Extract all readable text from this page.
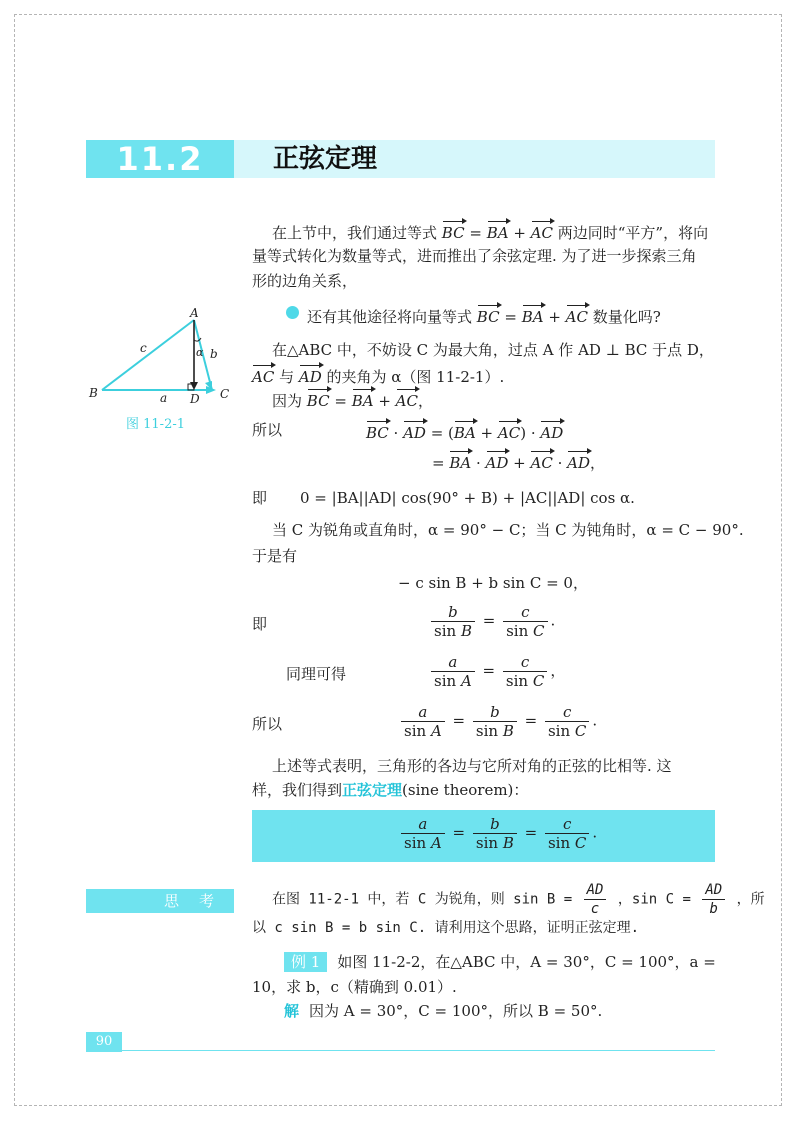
11.2	正弦定理
在上节中，我们通过等式 BC = BA + AC 两边同时“平方”，将向
量等式转化为数量等式，进而推出了余弦定理. 为了进一步探索三角
形的边角关系，
还有其他途径将向量等式 BC = BA + AC 数量化吗?
A
B	C
D
a
b
c	α
图 11-2-1
在△ABC 中，不妨设 C 为最大角，过点 A 作 AD ⊥ BC 于点 D，
AC 与 AD 的夹角为 α（图 11-2-1）.
因为 BC = BA + AC，
所以	BC · AD = (BA + AC) · AD
= BA · AD + AC · AD，
即 0 = |BA||AD| cos(90° + B) + |AC||AD| cos α.
当 C 为锐角或直角时，α = 90° − C；当 C 为钝角时，α = C − 90°.
于是有
− c sin B + b sin C = 0，
即	$\frac{b}{\text{sin B}} = \frac{c}{\text{sin C}}$ .
同理可得	$\frac{a}{\text{sin A}} = \frac{c}{\text{sin C}}$ ，
所以	$\frac{a}{\text{sin A}} = \frac{b}{\text{sin B}} = \frac{c}{\text{sin C}}$ .
上述等式表明，三角形的各边与它所对角的正弦的比相等. 这
样，我们得到正弦定理(sine theorem)：
$\frac{a}{\text{sin A}} = \frac{b}{\text{sin B}} = \frac{c}{\text{sin C}}$ .
思考	在图 11-2-1 中，若 C 为锐角，则 $\sin B = \frac{AD}{c}$ ，$\sin C = \frac{AD}{b}$ ，所
以 c sin B = b sin C. 请利用这个思路，证明正弦定理.
例 1 如图 11-2-2，在△ABC 中，A = 30°，C = 100°，a =
10，求 b，c（精确到 0.01）.
解 因为 A = 30°，C = 100°，所以 B = 50°.
90
